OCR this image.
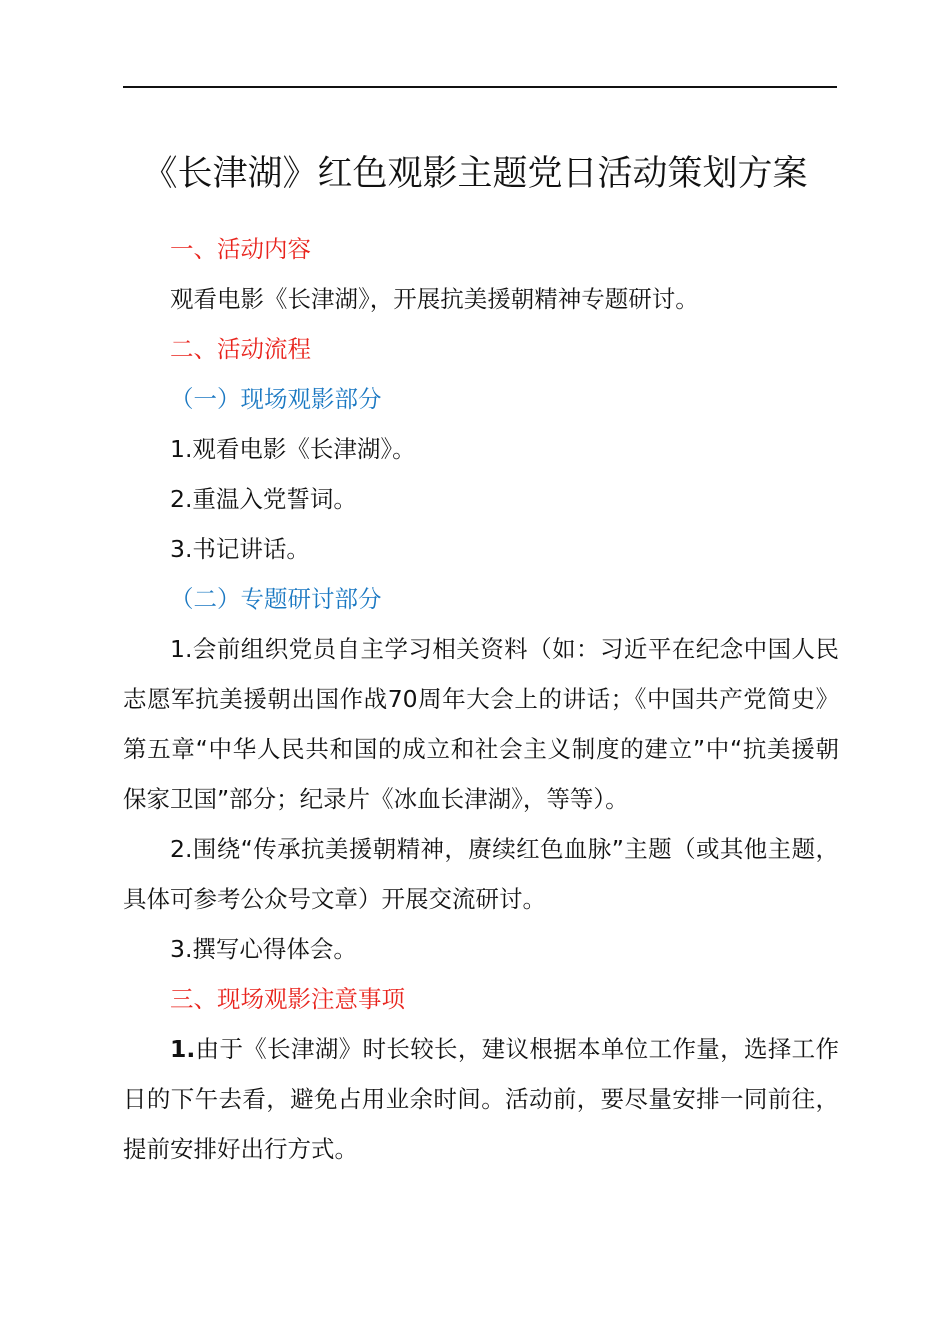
《长津湖》红色观影主题党日活动策划方案

一、活动内容

观看电影《长津湖》，开展抗美援朝精神专题研讨。

二、活动流程

（一）现场观影部分

1.观看电影《长津湖》。

2.重温入党誓词。

3.书记讲话。

（二）专题研讨部分

1.会前组织党员自主学习相关资料（如：习近平在纪念中国人民志愿军抗美援朝出国作战70周年大会上的讲话；《中国共产党简史》第五章“中华人民共和国的成立和社会主义制度的建立”中“抗美援朝保家卫国”部分；纪录片《冰血长津湖》，等等）。

2.围绕“传承抗美援朝精神，赓续红色血脉”主题（或其他主题，具体可参考公众号文章）开展交流研讨。

3.撰写心得体会。

三、现场观影注意事项

1.由于《长津湖》时长较长，建议根据本单位工作量，选择工作日的下午去看，避免占用业余时间。活动前，要尽量安排一同前往，提前安排好出行方式。
